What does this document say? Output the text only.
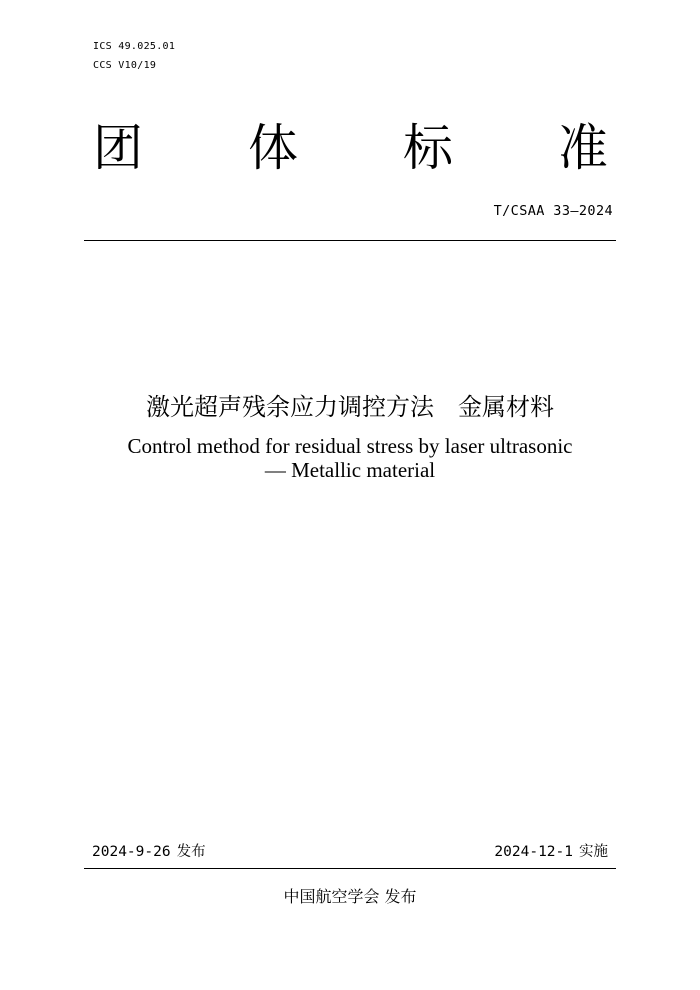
ICS 49.025.01
CCS V10/19
团 体 标 准
T/CSAA 33—2024
激光超声残余应力调控方法　金属材料
Control method for residual stress by laser ultrasonic
— Metallic material
2024-9-26 发布	2024-12-1 实施
中国航空学会 发布
